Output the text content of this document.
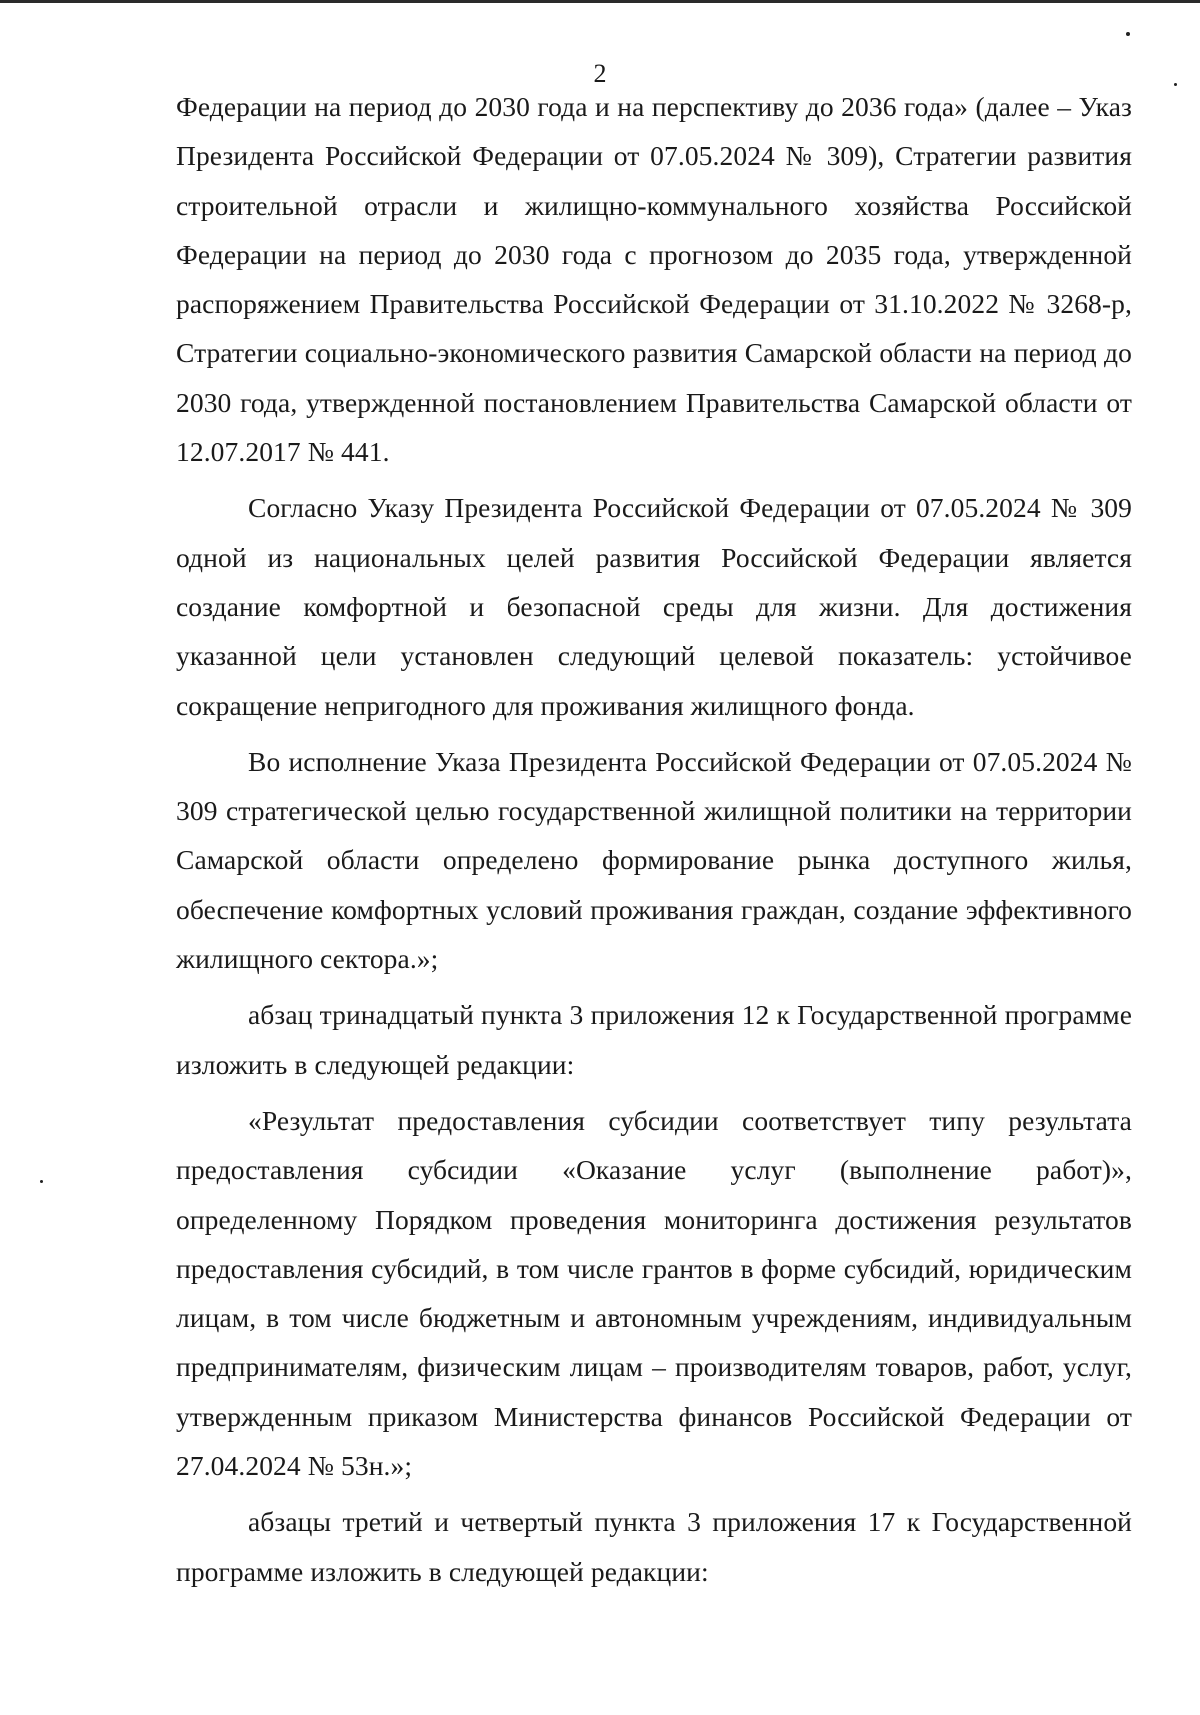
2

Федерации на период до 2030 года и на перспективу до 2036 года» (далее – Указ Президента Российской Федерации от 07.05.2024 № 309), Стратегии развития строительной отрасли и жилищно-коммунального хозяйства Российской Федерации на период до 2030 года с прогнозом до 2035 года, утвержденной распоряжением Правительства Российской Федерации от 31.10.2022 № 3268-р, Стратегии социально-экономического развития Самарской области на период до 2030 года, утвержденной постановлением Правительства Самарской области от 12.07.2017 № 441.

Согласно Указу Президента Российской Федерации от 07.05.2024 № 309 одной из национальных целей развития Российской Федерации является создание комфортной и безопасной среды для жизни. Для достижения указанной цели установлен следующий целевой показатель: устойчивое сокращение непригодного для проживания жилищного фонда.

Во исполнение Указа Президента Российской Федерации от 07.05.2024 № 309 стратегической целью государственной жилищной политики на территории Самарской области определено формирование рынка доступного жилья, обеспечение комфортных условий проживания граждан, создание эффективного жилищного сектора.»;

абзац тринадцатый пункта 3 приложения 12 к Государственной программе изложить в следующей редакции:

«Результат предоставления субсидии соответствует типу результата предоставления субсидии «Оказание услуг (выполнение работ)», определенному Порядком проведения мониторинга достижения результатов предоставления субсидий, в том числе грантов в форме субсидий, юридическим лицам, в том числе бюджетным и автономным учреждениям, индивидуальным предпринимателям, физическим лицам – производителям товаров, работ, услуг, утвержденным приказом Министерства финансов Российской Федерации от 27.04.2024 № 53н.»;

абзацы третий и четвертый пункта 3 приложения 17 к Государственной программе изложить в следующей редакции:
